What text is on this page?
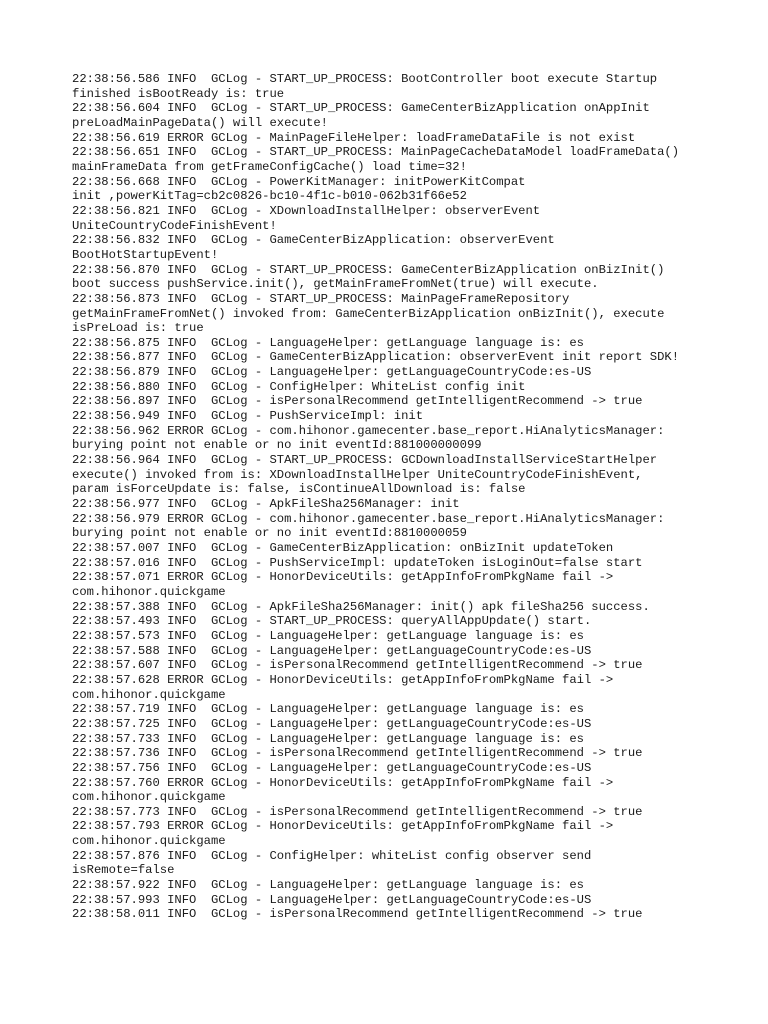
22:38:56.586 INFO  GCLog - START_UP_PROCESS: BootController boot execute Startup
finished isBootReady is: true
22:38:56.604 INFO  GCLog - START_UP_PROCESS: GameCenterBizApplication onAppInit
preLoadMainPageData() will execute!
22:38:56.619 ERROR GCLog - MainPageFileHelper: loadFrameDataFile is not exist
22:38:56.651 INFO  GCLog - START_UP_PROCESS: MainPageCacheDataModel loadFrameData()
mainFrameData from getFrameConfigCache() load time=32!
22:38:56.668 INFO  GCLog - PowerKitManager: initPowerKitCompat
init ,powerKitTag=cb2c0826-bc10-4f1c-b010-062b31f66e52
22:38:56.821 INFO  GCLog - XDownloadInstallHelper: observerEvent
UniteCountryCodeFinishEvent!
22:38:56.832 INFO  GCLog - GameCenterBizApplication: observerEvent
BootHotStartupEvent!
22:38:56.870 INFO  GCLog - START_UP_PROCESS: GameCenterBizApplication onBizInit()
boot success pushService.init(), getMainFrameFromNet(true) will execute.
22:38:56.873 INFO  GCLog - START_UP_PROCESS: MainPageFrameRepository
getMainFrameFromNet() invoked from: GameCenterBizApplication onBizInit(), execute
isPreLoad is: true
22:38:56.875 INFO  GCLog - LanguageHelper: getLanguage language is: es
22:38:56.877 INFO  GCLog - GameCenterBizApplication: observerEvent init report SDK!
22:38:56.879 INFO  GCLog - LanguageHelper: getLanguageCountryCode:es-US
22:38:56.880 INFO  GCLog - ConfigHelper: WhiteList config init
22:38:56.897 INFO  GCLog - isPersonalRecommend getIntelligentRecommend -> true
22:38:56.949 INFO  GCLog - PushServiceImpl: init
22:38:56.962 ERROR GCLog - com.hihonor.gamecenter.base_report.HiAnalyticsManager:
burying point not enable or no init eventId:881000000099
22:38:56.964 INFO  GCLog - START_UP_PROCESS: GCDownloadInstallServiceStartHelper
execute() invoked from is: XDownloadInstallHelper UniteCountryCodeFinishEvent,
param isForceUpdate is: false, isContinueAllDownload is: false
22:38:56.977 INFO  GCLog - ApkFileSha256Manager: init
22:38:56.979 ERROR GCLog - com.hihonor.gamecenter.base_report.HiAnalyticsManager:
burying point not enable or no init eventId:8810000059
22:38:57.007 INFO  GCLog - GameCenterBizApplication: onBizInit updateToken
22:38:57.016 INFO  GCLog - PushServiceImpl: updateToken isLoginOut=false start
22:38:57.071 ERROR GCLog - HonorDeviceUtils: getAppInfoFromPkgName fail ->
com.hihonor.quickgame
22:38:57.388 INFO  GCLog - ApkFileSha256Manager: init() apk fileSha256 success.
22:38:57.493 INFO  GCLog - START_UP_PROCESS: queryAllAppUpdate() start.
22:38:57.573 INFO  GCLog - LanguageHelper: getLanguage language is: es
22:38:57.588 INFO  GCLog - LanguageHelper: getLanguageCountryCode:es-US
22:38:57.607 INFO  GCLog - isPersonalRecommend getIntelligentRecommend -> true
22:38:57.628 ERROR GCLog - HonorDeviceUtils: getAppInfoFromPkgName fail ->
com.hihonor.quickgame
22:38:57.719 INFO  GCLog - LanguageHelper: getLanguage language is: es
22:38:57.725 INFO  GCLog - LanguageHelper: getLanguageCountryCode:es-US
22:38:57.733 INFO  GCLog - LanguageHelper: getLanguage language is: es
22:38:57.736 INFO  GCLog - isPersonalRecommend getIntelligentRecommend -> true
22:38:57.756 INFO  GCLog - LanguageHelper: getLanguageCountryCode:es-US
22:38:57.760 ERROR GCLog - HonorDeviceUtils: getAppInfoFromPkgName fail ->
com.hihonor.quickgame
22:38:57.773 INFO  GCLog - isPersonalRecommend getIntelligentRecommend -> true
22:38:57.793 ERROR GCLog - HonorDeviceUtils: getAppInfoFromPkgName fail ->
com.hihonor.quickgame
22:38:57.876 INFO  GCLog - ConfigHelper: whiteList config observer send
isRemote=false
22:38:57.922 INFO  GCLog - LanguageHelper: getLanguage language is: es
22:38:57.993 INFO  GCLog - LanguageHelper: getLanguageCountryCode:es-US
22:38:58.011 INFO  GCLog - isPersonalRecommend getIntelligentRecommend -> true
